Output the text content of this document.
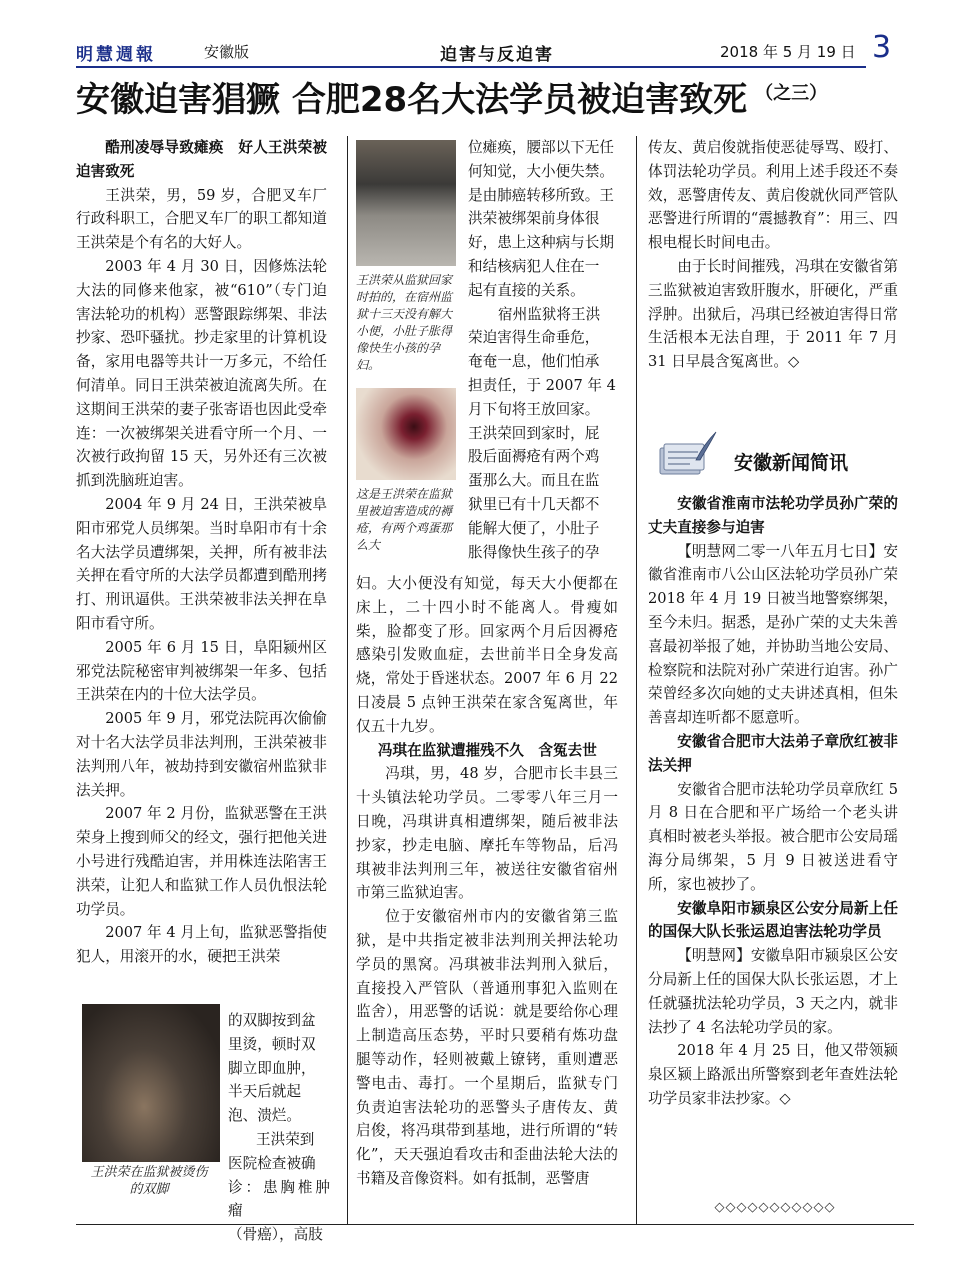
明慧週報	安徽版	迫害与反迫害	2018 年 5 月 19 日 3
安徽迫害猖獗 合肥28名大法学员被迫害致死 $^{(之三)}$
酷刑凌辱导致瘫痪　好人王洪荣被迫害致死

王洪荣，男，59 岁，合肥叉车厂行政科职工，合肥叉车厂的职工都知道王洪荣是个有名的大好人。

2003 年 4 月 30 日，因修炼法轮大法的同修来他家，被“610”（专门迫害法轮功的机构）恶警跟踪绑架、非法抄家、恐吓骚扰。抄走家里的计算机设备，家用电器等共计一万多元，不给任何清单。同日王洪荣被迫流离失所。在这期间王洪荣的妻子张寄语也因此受牵连：一次被绑架关进看守所一个月、一次被行政拘留 15 天，另外还有三次被抓到洗脑班迫害。

2004 年 9 月 24 日，王洪荣被阜阳市邪党人员绑架。当时阜阳市有十余名大法学员遭绑架，关押，所有被非法关押在看守所的大法学员都遭到酷刑拷打、刑讯逼供。王洪荣被非法关押在阜阳市看守所。

2005 年 6 月 15 日，阜阳颍州区邪党法院秘密审判被绑架一年多、包括王洪荣在内的十位大法学员。

2005 年 9 月，邪党法院再次偷偷对十名大法学员非法判刑，王洪荣被非法判刑八年，被劫持到安徽宿州监狱非法关押。

2007 年 2 月份，监狱恶警在王洪荣身上搜到师父的经文，强行把他关进小号进行残酷迫害，并用株连法陷害王洪荣，让犯人和监狱工作人员仇恨法轮功学员。

2007 年 4 月上旬，监狱恶警指使犯人，用滚开的水，硬把王洪荣

王洪荣在监狱被烫伤的双脚
的双脚按到盆
里烫，顿时双
脚立即血肿，
半天后就起
泡、溃烂。
王洪荣到
医院检查被确
诊：患胸椎肿瘤
（骨癌），高肢
王洪荣从监狱回家时拍的，在宿州监狱十三天没有解大小便，小肚子胀得像快生小孩的孕妇。
这是王洪荣在监狱里被迫害造成的褥疮，有两个鸡蛋那么大
位瘫痪，腰部以下无任
何知觉，大小便失禁。
是由肺癌转移所致。王
洪荣被绑架前身体很
好，患上这种病与长期
和结核病犯人住在一
起有直接的关系。
宿州监狱将王洪
荣迫害得生命垂危，
奄奄一息，他们怕承
担责任，于 2007 年 4
月下旬将王放回家。
王洪荣回到家时，屁
股后面褥疮有两个鸡
蛋那么大。而且在监
狱里已有十几天都不
能解大便了，小肚子
胀得像快生孩子的孕
妇。大小便没有知觉，每天大小便都在床上，二十四小时不能离人。骨瘦如柴，脸都变了形。回家两个月后因褥疮感染引发败血症，去世前半日全身发高烧，常处于昏迷状态。2007 年 6 月 22 日凌晨 5 点钟王洪荣在家含冤离世，年仅五十九岁。
冯琪在监狱遭摧残不久　含冤去世

冯琪，男，48 岁，合肥市长丰县三十头镇法轮功学员。二零零八年三月一日晚，冯琪讲真相遭绑架，随后被非法抄家，抄走电脑、摩托车等物品，后冯琪被非法判刑三年，被送往安徽省宿州市第三监狱迫害。

位于安徽宿州市内的安徽省第三监狱，是中共指定被非法判刑关押法轮功学员的黑窝。冯琪被非法判刑入狱后，直接投入严管队（普通刑事犯入监则在监舍），用恶警的话说：就是要给你心理上制造高压态势，平时只要稍有炼功盘腿等动作，轻则被戴上镣铐，重则遭恶警电击、毒打。一个星期后，监狱专门负责迫害法轮功的恶警头子唐传友、黄启俊，将冯琪带到基地，进行所谓的“转化”，天天强迫看攻击和歪曲法轮大法的书籍及音像资料。如有抵制，恶警唐

传友、黄启俊就指使恶徒辱骂、殴打、体罚法轮功学员。利用上述手段还不奏效，恶警唐传友、黄启俊就伙同严管队恶警进行所谓的“震撼教育”：用三、四根电棍长时间电击。

由于长时间摧残，冯琪在安徽省第三监狱被迫害致肝腹水，肝硬化，严重浮肿。出狱后，冯琪已经被迫害得日常生活根本无法自理，于 2011 年 7 月 31 日早晨含冤离世。◇

安徽新闻简讯
安徽省淮南市法轮功学员孙广荣的丈夫直接参与迫害

【明慧网二零一八年五月七日】安徽省淮南市八公山区法轮功学员孙广荣 2018 年 4 月 19 日被当地警察绑架，至今未归。据悉，是孙广荣的丈夫朱善喜最初举报了她，并协助当地公安局、检察院和法院对孙广荣进行迫害。孙广荣曾经多次向她的丈夫讲述真相，但朱善喜却连听都不愿意听。

安徽省合肥市大法弟子章欣红被非法关押

安徽省合肥市法轮功学员章欣红 5 月 8 日在合肥和平广场给一个老头讲真相时被老头举报。被合肥市公安局瑶海分局绑架，5 月 9 日被送进看守所，家也被抄了。

安徽阜阳市颍泉区公安分局新上任的国保大队长张运恩迫害法轮功学员

【明慧网】安徽阜阳市颍泉区公安分局新上任的国保大队长张运恩，才上任就骚扰法轮功学员，3 天之内，就非法抄了 4 名法轮功学员的家。

2018 年 4 月 25 日，他又带领颍泉区颍上路派出所警察到老年查姓法轮功学员家非法抄家。◇

◇◇◇◇◇◇◇◇◇◇◇
